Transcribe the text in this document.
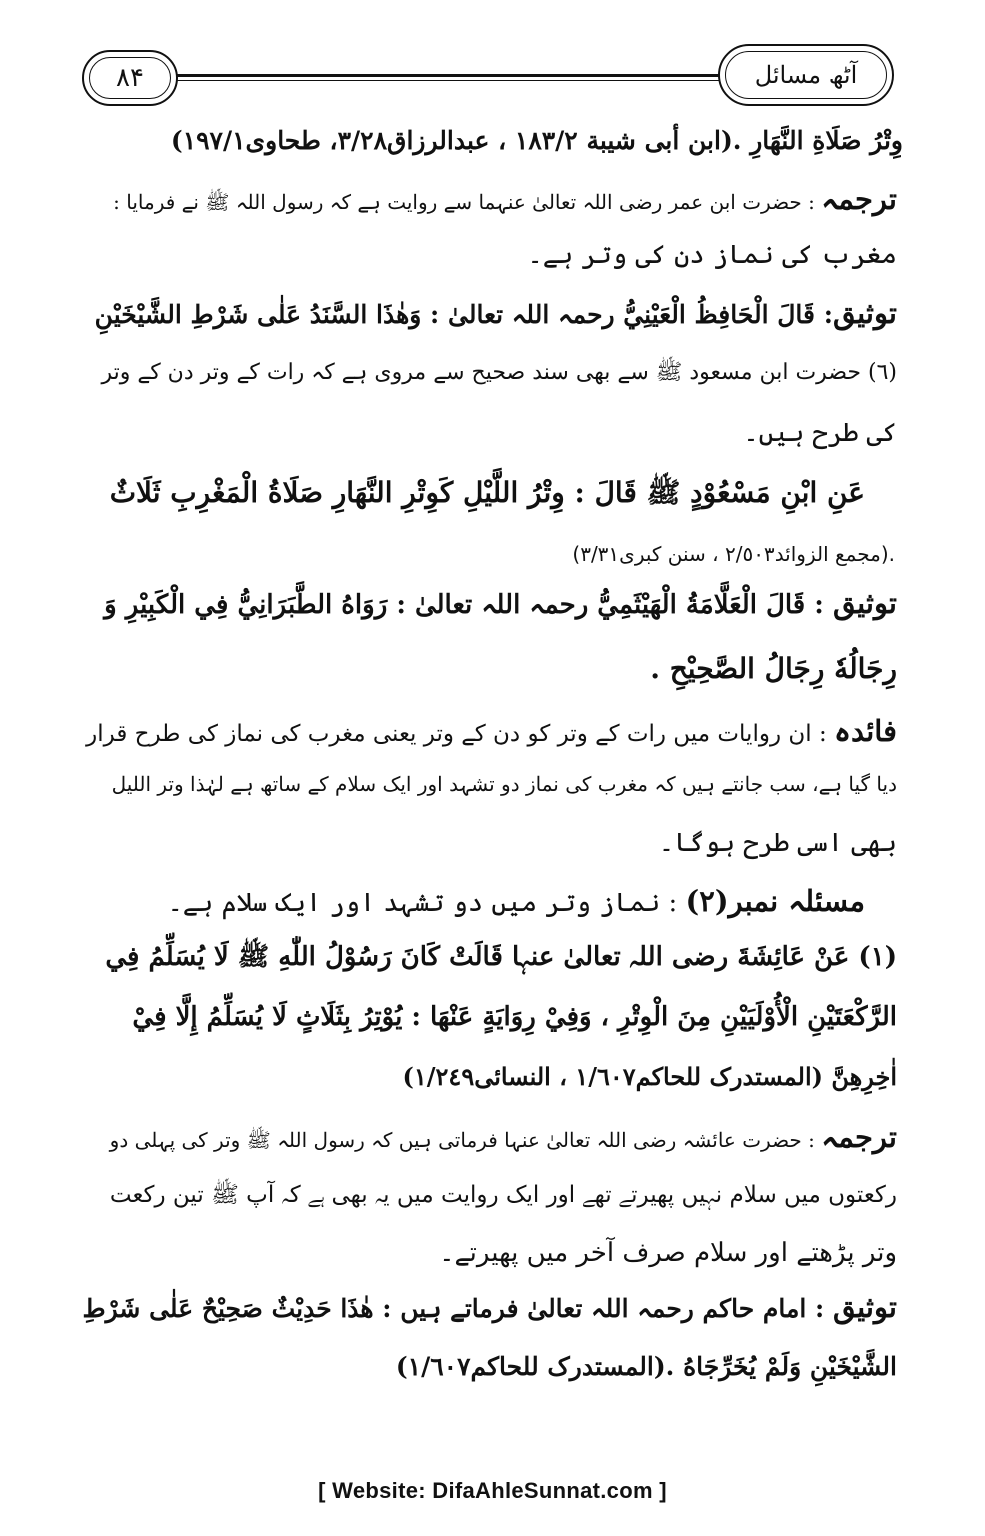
۸۴	آٹھ مسائل
وِتْرُ صَلَاةِ النَّهَارِ .(ابن أبى شيبة ١٨٣/٢ ، عبدالرزاق٣/٢٨، طحاوى١٩٧/١)
ترجمہ : حضرت ابن عمر رضی اللہ تعالیٰ عنہما سے روایت ہے کہ رسول اللہ ﷺ نے فرمایا :
مغرب کی نماز دن کی وتر ہے۔
توثیق: قَالَ الْحَافِظُ الْعَيْنِيُّ رحمہ اللہ تعالیٰ : وَهٰذَا السَّنَدُ عَلٰى شَرْطِ الشَّيْخَيْنِ
(٦) حضرت ابن مسعود ﷺ سے بھی سند صحیح سے مروی ہے کہ رات کے وتر دن کے وتر
کی طرح ہیں۔
عَنِ ابْنِ مَسْعُوْدٍ ﷺ قَالَ : وِتْرُ اللَّيْلِ كَوِتْرِ النَّهَارِ صَلَاةُ الْمَغْرِبِ ثَلَاثٌ
.(مجمع الزوائد٢/٥٠٣ ، سنن كبرى٣/٣١)
توثیق : قَالَ الْعَلَّامَةُ الْهَيْثَمِيُّ رحمہ اللہ تعالیٰ : رَوَاهُ الطَّبَرَانِيُّ فِي الْكَبِيْرِ وَ
رِجَالُهٗ رِجَالُ الصَّحِيْحِ .
فائدہ : ان روایات میں رات کے وتر کو دن کے وتر یعنی مغرب کی نماز کی طرح قرار
دیا گیا ہے، سب جانتے ہیں کہ مغرب کی نماز دو تشہد اور ایک سلام کے ساتھ ہے لہٰذا وتر اللیل
بھی اسی طرح ہوگا۔
مسئلہ نمبر(٢) : نماز وتر میں دو تشہد اور ایک سلام ہے۔
(١) عَنْ عَائِشَةَ رضی اللہ تعالیٰ عنہا قَالَتْ كَانَ رَسُوْلُ اللّٰهِ ﷺ لَا يُسَلِّمُ فِي
الرَّكْعَتَيْنِ الْأُوْلَيَيْنِ مِنَ الْوِتْرِ ، وَفِيْ رِوَايَةٍ عَنْهَا : يُوْتِرُ بِثَلَاثٍ لَا يُسَلِّمُ إِلَّا فِيْ
اٰخِرِهِنَّ (المستدرک للحاكم١/٦٠٧ ، النسائی١/٢٤٩)
ترجمہ : حضرت عائشہ رضی اللہ تعالیٰ عنہا فرماتی ہیں کہ رسول اللہ ﷺ وتر کی پہلی دو
رکعتوں میں سلام نہیں پھیرتے تھے اور ایک روایت میں یہ بھی ہے کہ آپ ﷺ تین رکعت
وتر پڑھتے اور سلام صرف آخر میں پھیرتے۔
توثیق : امام حاکم رحمہ اللہ تعالیٰ فرماتے ہیں : هٰذَا حَدِيْثٌ صَحِيْحٌ عَلٰى شَرْطِ
الشَّيْخَيْنِ وَلَمْ يُخَرِّجَاهُ .(المستدرک للحاكم١/٦٠٧)
[ Website: DifaAhleSunnat.com ]
